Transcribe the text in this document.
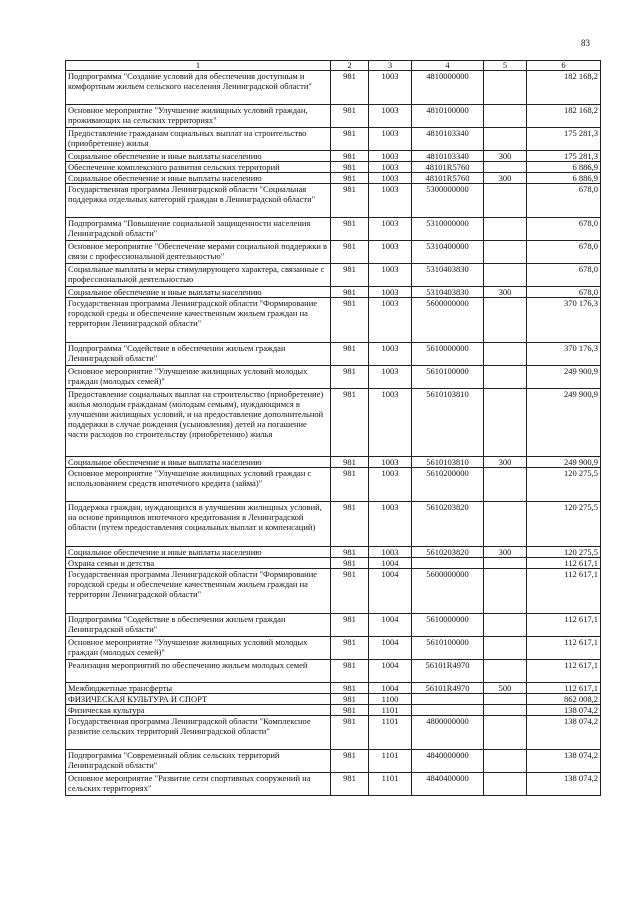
83
1	2	3	4	5	6
Подпрограмма "Создание условий для обеспечения доступным и комфортным жильем сельского населения Ленинградской области"	981	1003	4810000000		182 168,2
Основное мероприятие "Улучшение жилищных условий граждан, проживающих на сельских территориях"	981	1003	4810100000		182 168,2
Предоставление гражданам социальных выплат на строительство (приобретение) жилья	981	1003	4810103340		175 281,3
Социальное обеспечение и иные выплаты населению	981	1003	4810103340	300	175 281,3
Обеспечение комплексного развития сельских территорий	981	1003	48101R5760		6 886,9
Социальное обеспечение и иные выплаты населению	981	1003	48101R5760	300	6 886,9
Государственная программа Ленинградской области "Социальная поддержка отдельных категорий граждан в Ленинградской области"	981	1003	5300000000		678,0
Подпрограмма "Повышение социальной защищенности населения Ленинградской области"	981	1003	5310000000		678,0
Основное мероприятие "Обеспечение мерами социальной поддержки в связи с профессиональной деятельностью"	981	1003	5310400000		678,0
Социальные выплаты и меры стимулирующего характера, связанные с профессиональной деятельностью	981	1003	5310403830		678,0
Социальное обеспечение и иные выплаты населению	981	1003	5310403830	300	678,0
Государственная программа Ленинградской области "Формирование городской среды и обеспечение качественным жильем граждан на территории Ленинградской области"	981	1003	5600000000		370 176,3
Подпрограмма "Содействие в обеспечении жильем граждан Ленинградской области"	981	1003	5610000000		370 176,3
Основное мероприятие "Улучшение жилищных условий молодых граждан (молодых семей)"	981	1003	5610100000		249 900,9
Предоставление социальных выплат на строительство (приобретение) жилья молодым гражданам (молодым семьям), нуждающимся в улучшении жилищных условий, и на предоставление дополнительной поддержки в случае рождения (усыновления) детей на погашение части расходов по строительству (приобретению) жилья	981	1003	5610103810		249 900,9
Социальное обеспечение и иные выплаты населению	981	1003	5610103810	300	249 900,9
Основное мероприятие "Улучшение жилищных условий граждан с использованием средств ипотечного кредита (займа)"	981	1003	5610200000		120 275,5
Поддержка граждан, нуждающихся в улучшении жилищных условий, на основе принципов ипотечного кредитования в Ленинградской области (путем предоставления социальных выплат и компенсаций)	981	1003	5610203820		120 275,5
Социальное обеспечение и иные выплаты населению	981	1003	5610203820	300	120 275,5
Охрана семьи и детства	981	1004			112 617,1
Государственная программа Ленинградской области "Формирование городской среды и обеспечение качественным жильем граждан на территории Ленинградской области"	981	1004	5600000000		112 617,1
Подпрограмма "Содействие в обеспечении жильем граждан Ленинградской области"	981	1004	5610000000		112 617,1
Основное мероприятие "Улучшение жилищных условий молодых граждан (молодых семей)"	981	1004	5610100000		112 617,1
Реализация мероприятий по обеспечению жильем молодых семей	981	1004	56101R4970		112 617,1
Межбюджетные трансферты	981	1004	56101R4970	500	112 617,1
ФИЗИЧЕСКАЯ КУЛЬТУРА И СПОРТ	981	1100			862 008,2
Физическая культура	981	1101			138 074,2
Государственная программа Ленинградской области "Комплексное развитие сельских территорий Ленинградской области"	981	1101	4800000000		138 074,2
Подпрограмма "Современный облик сельских территорий Ленинградской области"	981	1101	4840000000		138 074,2
Основное мероприятие "Развитие сети спортивных сооружений на сельских территориях"	981	1101	4840400000		138 074,2
